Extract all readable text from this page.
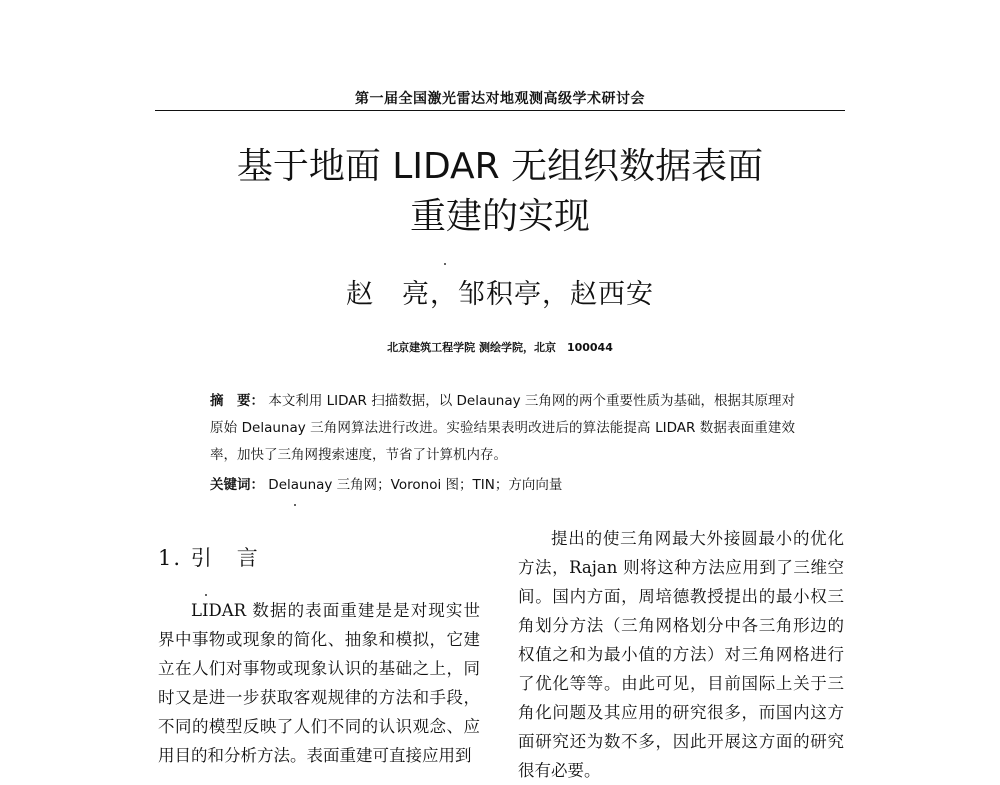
第一届全国激光雷达对地观测高级学术研讨会
基于地面 LIDAR 无组织数据表面
重建的实现
赵　亮，邹积亭，赵西安
北京建筑工程学院 测绘学院，北京　100044
摘　要： 本文利用 LIDAR 扫描数据，以 Delaunay 三角网的两个重要性质为基础，根据其原理对原始 Delaunay 三角网算法进行改进。实验结果表明改进后的算法能提高 LIDAR 数据表面重建效率，加快了三角网搜索速度，节省了计算机内存。
关键词： Delaunay 三角网；Voronoi 图；TIN；方向向量
1. 引　言
LIDAR 数据的表面重建是是对现实世界中事物或现象的简化、抽象和模拟，它建立在人们对事物或现象认识的基础之上，同时又是进一步获取客观规律的方法和手段，不同的模型反映了人们不同的认识观念、应用目的和分析方法。表面重建可直接应用到
提出的使三角网最大外接圆最小的优化方法，Rajan 则将这种方法应用到了三维空间。国内方面，周培德教授提出的最小权三角划分方法（三角网格划分中各三角形边的权值之和为最小值的方法）对三角网格进行了优化等等。由此可见，目前国际上关于三角化问题及其应用的研究很多，而国内这方面研究还为数不多，因此开展这方面的研究很有必要。
